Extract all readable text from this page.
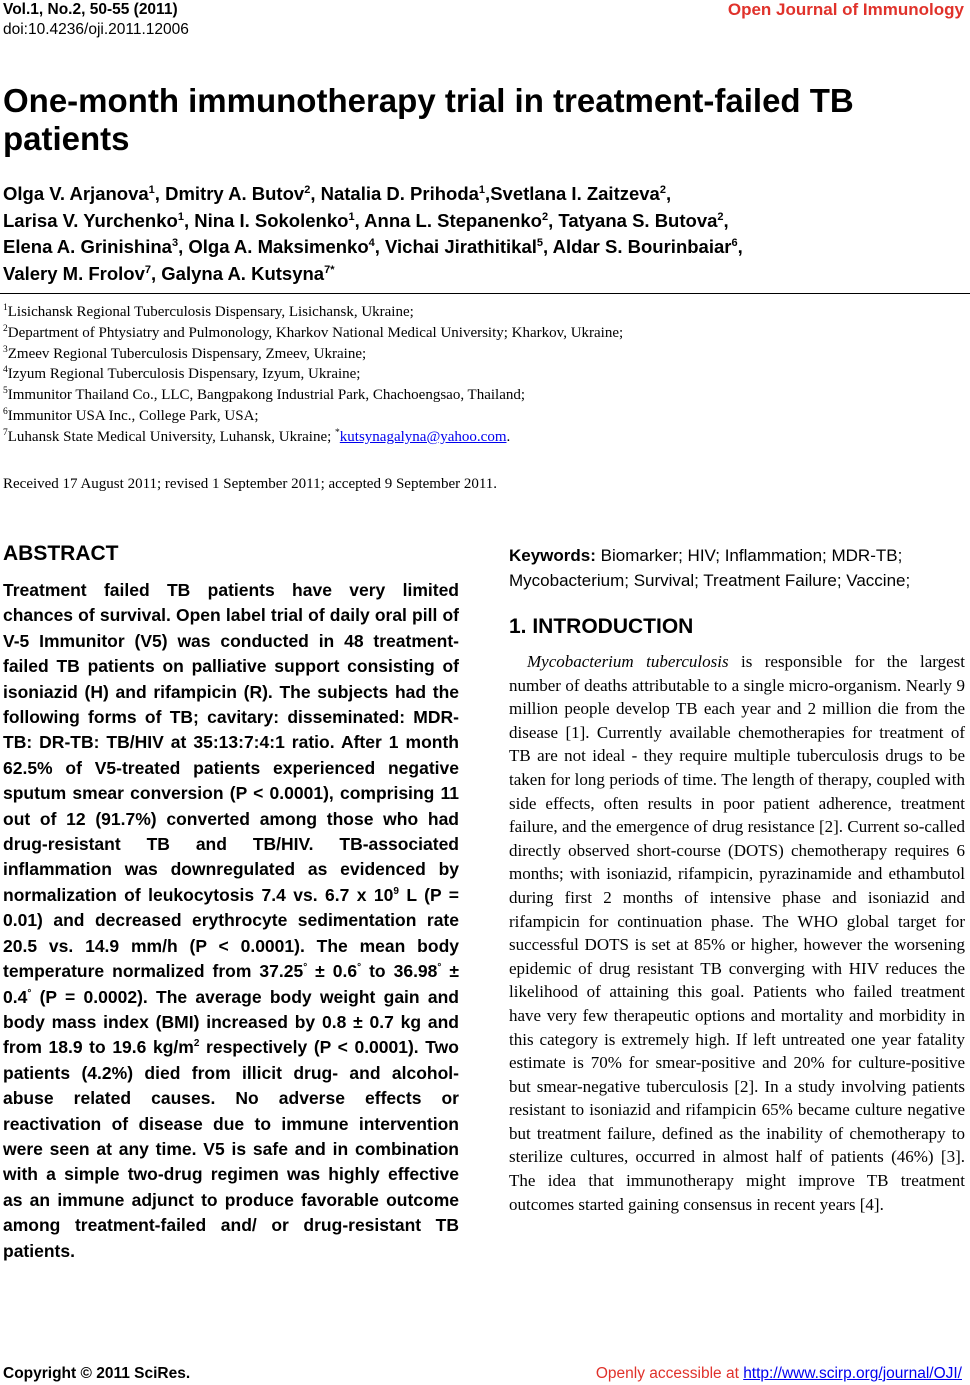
Vol.1, No.2, 50-55 (2011)
doi:10.4236/oji.2011.12006
Open Journal of Immunology
One-month immunotherapy trial in treatment-failed TB patients

Olga V. Arjanova$^1$, Dmitry A. Butov$^2$, Natalia D. Prihoda$^1$,Svetlana I. Zaitzeva$^2$,
Larisa V. Yurchenko$^1$, Nina I. Sokolenko$^1$, Anna L. Stepanenko$^2$, Tatyana S. Butova$^2$,
Elena A. Grinishina$^3$, Olga A. Maksimenko$^4$, Vichai Jirathitikal$^5$, Aldar S. Bourinbaiar$^6$,
Valery M. Frolov$^7$, Galyna A. Kutsyna$^{7*}$

$^1$Lisichansk Regional Tuberculosis Dispensary, Lisichansk, Ukraine;
$^2$Department of Phtysiatry and Pulmonology, Kharkov National Medical University; Kharkov, Ukraine;
$^3$Zmeev Regional Tuberculosis Dispensary, Zmeev, Ukraine;
$^4$Izyum Regional Tuberculosis Dispensary, Izyum, Ukraine;
$^5$Immunitor Thailand Co., LLC, Bangpakong Industrial Park, Chachoengsao, Thailand;
$^6$Immunitor USA Inc., College Park, USA;
$^7$Luhansk State Medical University, Luhansk, Ukraine; *kutsynagalyna@yahoo.com.
Received 17 August 2011; revised 1 September 2011; accepted 9 September 2011.
ABSTRACT

Treatment failed TB patients have very limited chances of survival. Open label trial of daily oral pill of V-5 Immunitor (V5) was conducted in 48 treatment-failed TB patients on palliative support consisting of isoniazid (H) and rifampicin (R). The subjects had the following forms of TB; cavitary: disseminated: MDR-TB: DR-TB: TB/HIV at 35:13:7:4:1 ratio. After 1 month 62.5% of V5-treated patients experienced negative sputum smear conversion (P < 0.0001), comprising 11 out of 12 (91.7%) converted among those who had drug-resistant TB and TB/HIV. TB-associated inflammation was downregulated as evidenced by normalization of leukocytosis 7.4 vs. 6.7 x $10^9$ L (P = 0.01) and decreased erythrocyte sedimentation rate 20.5 vs. 14.9 mm/h (P < 0.0001). The mean body temperature normalized from 37.25° ± 0.6° to 36.98° ± 0.4° (P = 0.0002). The average body weight gain and body mass index (BMI) increased by 0.8 ± 0.7 kg and from 18.9 to 19.6 $kg/m^2$ respectively (P < 0.0001). Two patients (4.2%) died from illicit drug- and alcohol-abuse related causes. No adverse effects or reactivation of disease due to immune intervention were seen at any time. V5 is safe and in combination with a simple two-drug regimen was highly effective as an immune adjunct to produce favorable outcome among treatment-failed and/ or drug-resistant TB patients.

Keywords: Biomarker; HIV; Inflammation; MDR-TB; Mycobacterium; Survival; Treatment Failure; Vaccine;

1. INTRODUCTION

Mycobacterium tuberculosis is responsible for the largest number of deaths attributable to a single micro-organism. Nearly 9 million people develop TB each year and 2 million die from the disease [1]. Currently available chemotherapies for treatment of TB are not ideal - they require multiple tuberculosis drugs to be taken for long periods of time. The length of therapy, coupled with side effects, often results in poor patient adherence, treatment failure, and the emergence of drug resistance [2]. Current so-called directly observed short-course (DOTS) chemotherapy requires 6 months; with isoniazid, rifampicin, pyrazinamide and ethambutol during first 2 months of intensive phase and isoniazid and rifampicin for continuation phase. The WHO global target for successful DOTS is set at 85% or higher, however the worsening epidemic of drug resistant TB converging with HIV reduces the likelihood of attaining this goal. Patients who failed treatment have very few therapeutic options and mortality and morbidity in this category is extremely high. If left untreated one year fatality estimate is 70% for smear-positive and 20% for culture-positive but smear-negative tuberculosis [2]. In a study involving patients resistant to isoniazid and rifampicin 65% became culture negative but treatment failure, defined as the inability of chemotherapy to sterilize cultures, occurred in almost half of patients (46%) [3]. The idea that immunotherapy might improve TB treatment outcomes started gaining consensus in recent years [4].

Copyright © 2011 SciRes.	Openly accessible at http://www.scirp.org/journal/OJI/
